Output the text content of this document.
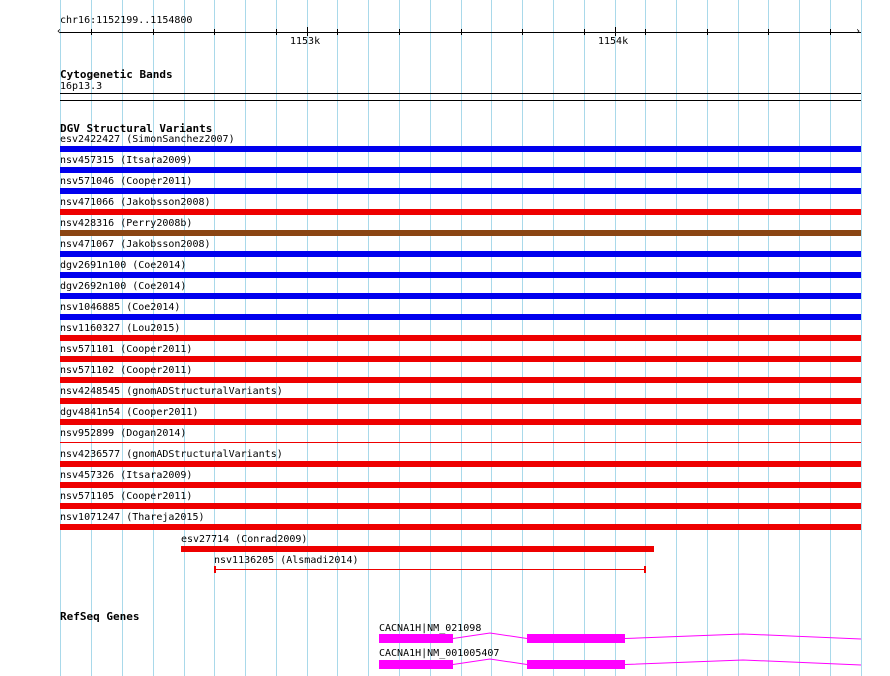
chr16:1152199..1154800
‹	›
1153k	1154k
Cytogenetic Bands
16p13.3
DGV Structural Variants
esv2422427 (SimonSanchez2007)
nsv457315 (Itsara2009)
nsv571046 (Cooper2011)
nsv471066 (Jakobsson2008)
nsv428316 (Perry2008b)
nsv471067 (Jakobsson2008)
dgv2691n100 (Coe2014)
dgv2692n100 (Coe2014)
nsv1046885 (Coe2014)
nsv1160327 (Lou2015)
nsv571101 (Cooper2011)
nsv571102 (Cooper2011)
nsv4248545 (gnomADStructuralVariants)
dgv4841n54 (Cooper2011)
nsv952899 (Dogan2014)
nsv4236577 (gnomADStructuralVariants)
nsv457326 (Itsara2009)
nsv571105 (Cooper2011)
nsv1071247 (Thareja2015)
esv27714 (Conrad2009)
nsv1136205 (Alsmadi2014)
RefSeq Genes
CACNA1H|NM_021098
CACNA1H|NM_001005407
